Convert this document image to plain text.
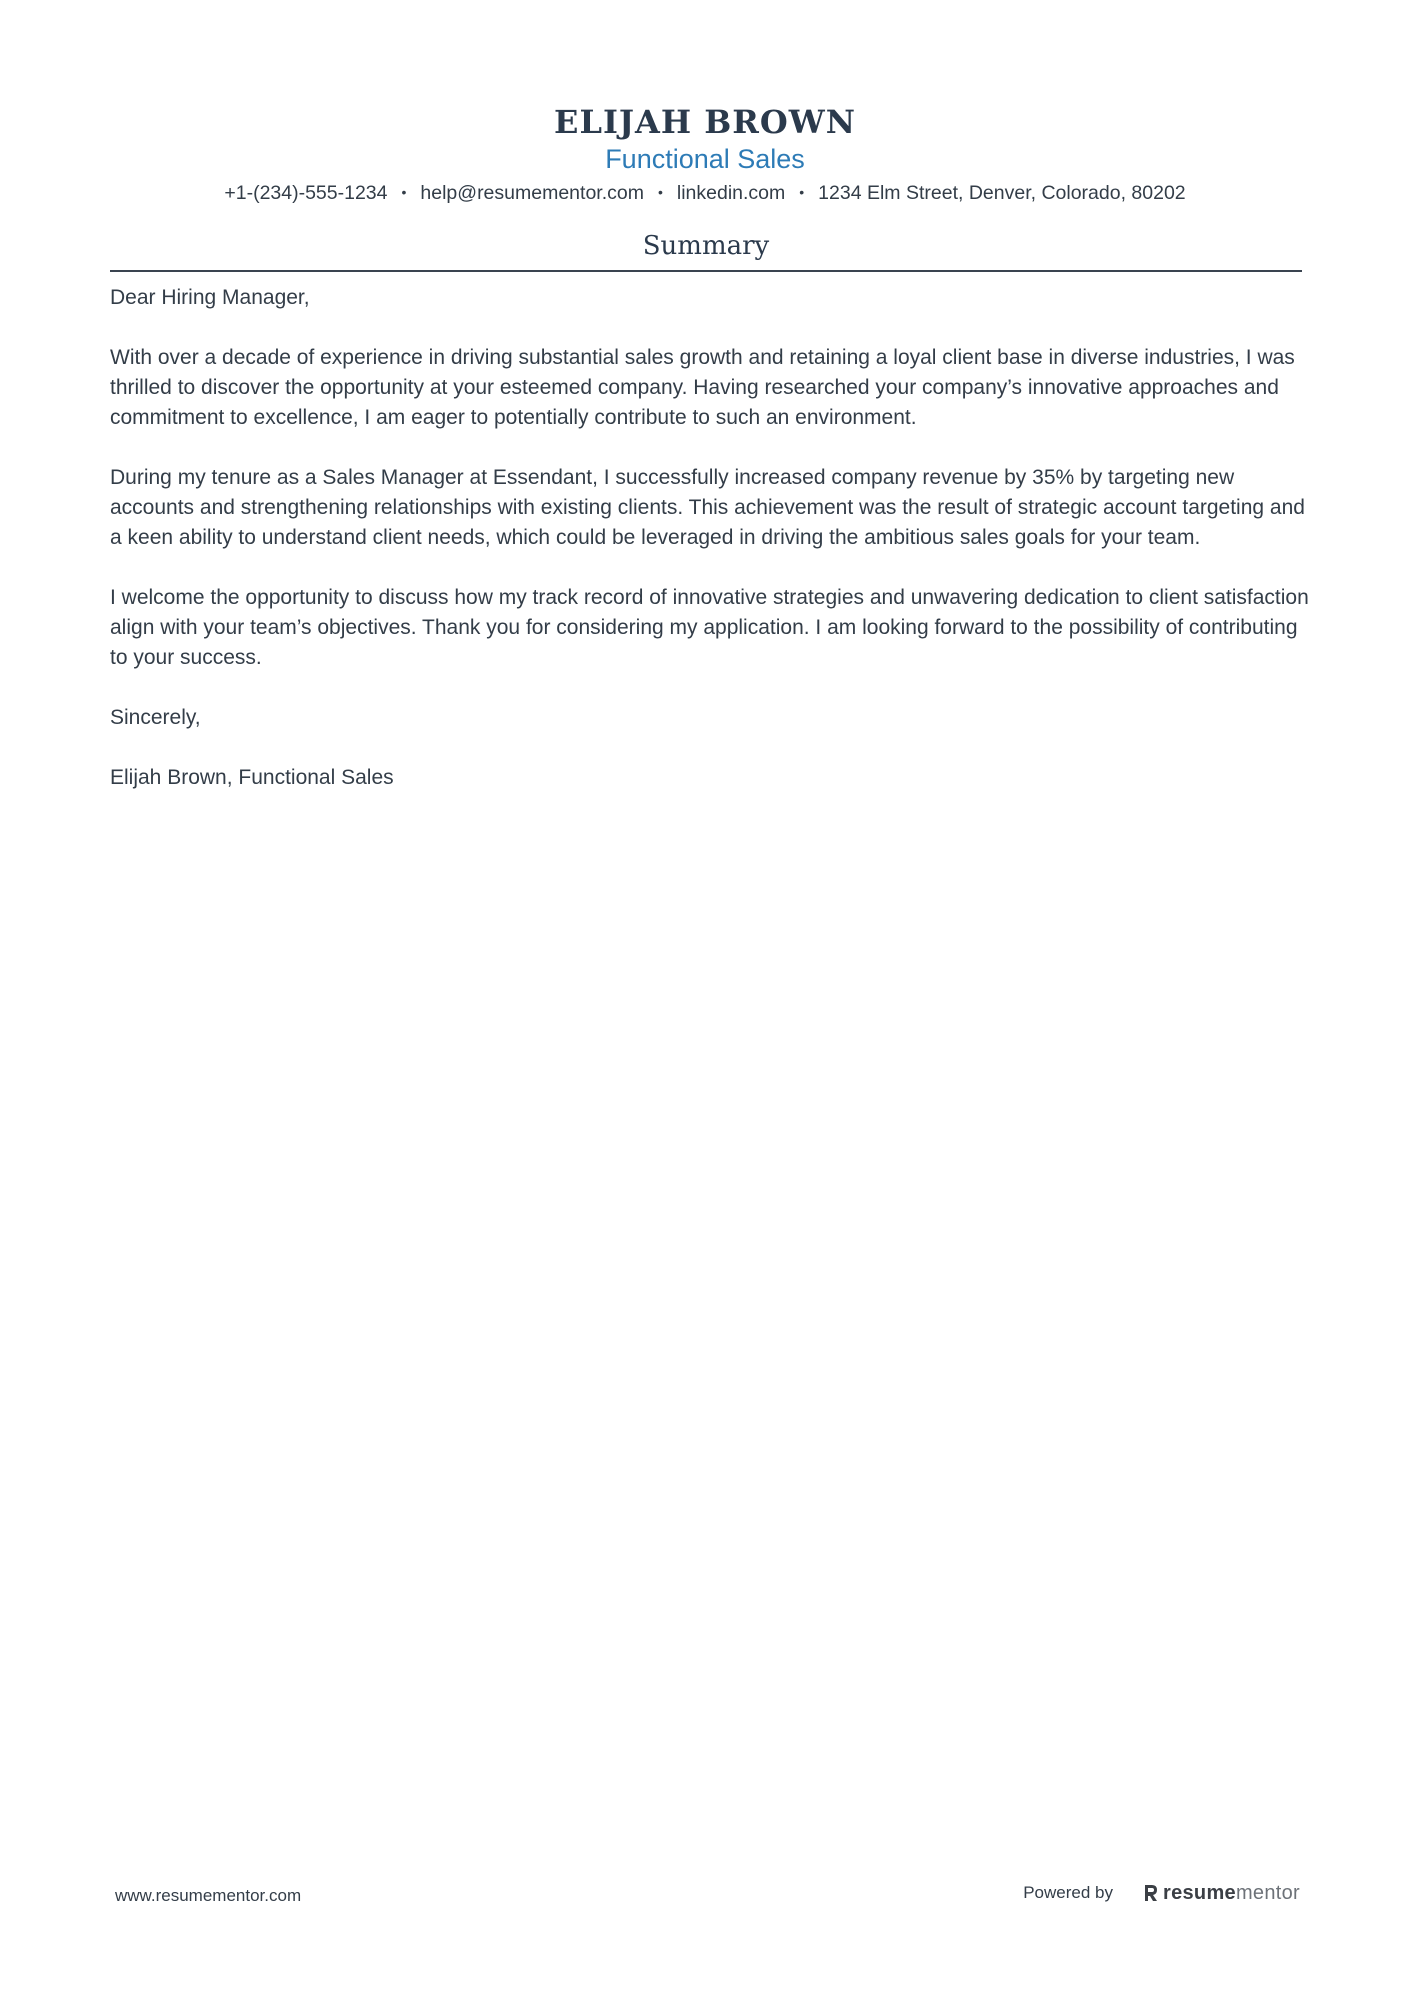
ELIJAH BROWN
Functional Sales
+1-(234)-555-1234 • help@resumementor.com • linkedin.com • 1234 Elm Street, Denver, Colorado, 80202
Summary

Dear Hiring Manager,

With over a decade of experience in driving substantial sales growth and retaining a loyal client base in diverse industries, I was thrilled to discover the opportunity at your esteemed company. Having researched your company’s innovative approaches and commitment to excellence, I am eager to potentially contribute to such an environment.

During my tenure as a Sales Manager at Essendant, I successfully increased company revenue by 35% by targeting new accounts and strengthening relationships with existing clients. This achievement was the result of strategic account targeting and a keen ability to understand client needs, which could be leveraged in driving the ambitious sales goals for your team.

I welcome the opportunity to discuss how my track record of innovative strategies and unwavering dedication to client satisfaction align with your team’s objectives. Thank you for considering my application. I am looking forward to the possibility of contributing to your success.

Sincerely,

Elijah Brown, Functional Sales

www.resumementor.com	Powered by	resumementor
